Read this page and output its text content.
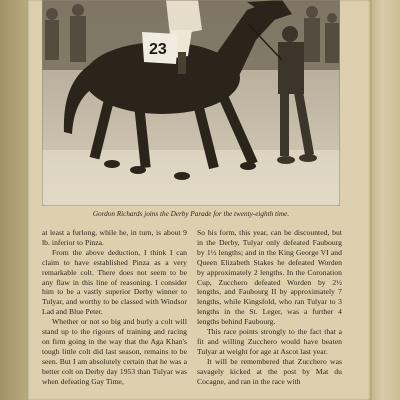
23
Gordon Richards joins the Derby Parade for the twenty-eighth time.

at least a furlong, while he, in turn, is about 9 lb. inferior to Pinza.

From the above deduction, I think I can claim to have established Pinza as a very remarkable colt. There does not seem to be any flaw in this line of reasoning. I consider him to be a vastly superior Derby winner to Tulyar, and worthy to be classed with Windsor Lad and Blue Peter.

Whether or not so big and burly a colt will stand up to the rigours of training and racing on firm going in the way that the Aga Khan's tough little colt did last season, remains to be seen. But I am absolutely certain that he was a better colt on Derby day 1953 than Tulyar was when defeating Gay Time,

So his form, this year, can be discounted, but in the Derby, Tulyar only defeated Faubourg by 1½ lengths; and in the King George VI and Queen Elizabeth Stakes he defeated Worden by approximately 2 lengths. In the Coronation Cup, Zucchero defeated Worden by 2½ lengths, and Faubourg II by approximately 7 lengths, while Kingsfold, who ran Tulyar to 3 lengths in the St. Leger, was a further 4 lengths behind Faubourg.

This race points strongly to the fact that a fit and willing Zucchero would have beaten Tulyar at weight for age at Ascot last year.

It will be remembered that Zucchero was savagely kicked at the post by Mat du Cocagne, and ran in the race with
